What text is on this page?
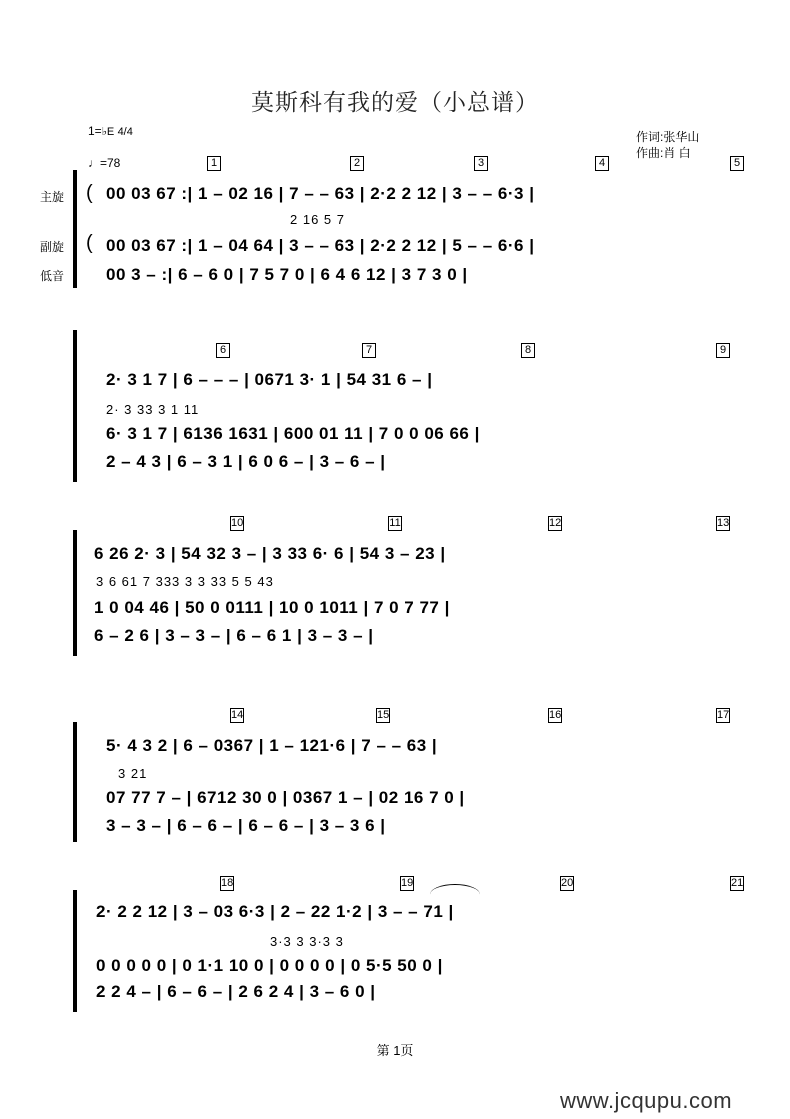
莫斯科有我的爱（小总谱）
1=♭E 4/4
♩=78
作词:张华山
作曲:肖 白
主旋
副旋
低音
(
(
1	2	3	4	5
00 03 67 :| 1 – 02 16 | 7 – – 63 | 2·2 2 12 | 3 – – 6·3 |
2 16 5 7
00 03 67 :| 1 – 04 64 | 3 – – 63 | 2·2 2 12 | 5 – – 6·6 |
00 3 – :| 6 – 6 0 | 7 5 7 0 | 6 4 6 12 | 3 7 3 0 |
6	7	8	9
2· 3 1 7 | 6 – – – | 0671 3· 1 | 54 31 6 – |
2· 3 33 3 1 11
6· 3 1 7 | 6136 1631 | 600 01 11 | 7 0 0 06 66 |
2 – 4 3 | 6 – 3 1 | 6 0 6 – | 3 – 6 – |
10	11	12	13
6 26 2· 3 | 54 32 3 – | 3 33 6· 6 | 54 3 – 23 |
3 6 61 7 333 3 3 33 5 5 43
1 0 04 46 | 50 0 0111 | 10 0 1011 | 7 0 7 77 |
6 – 2 6 | 3 – 3 – | 6 – 6 1 | 3 – 3 – |
14	15	16	17
5· 4 3 2 | 6 – 0367 | 1 – 121·6 | 7 – – 63 |
3 21
07 77 7 – | 6712 30 0 | 0367 1 – | 02 16 7 0 |
3 – 3 – | 6 – 6 – | 6 – 6 – | 3 – 3 6 |
18	19	20	21
2· 2 2 12 | 3 – 03 6·3 | 2 – 22 1·2 | 3 – – 71 |
3·3 3 3·3 3
0 0 0 0 0 | 0 1·1 10 0 | 0 0 0 0 | 0 5·5 50 0 |
2 2 4 – | 6 – 6 – | 2 6 2 4 | 3 – 6 0 |
第 1页
www.jcqupu.com
